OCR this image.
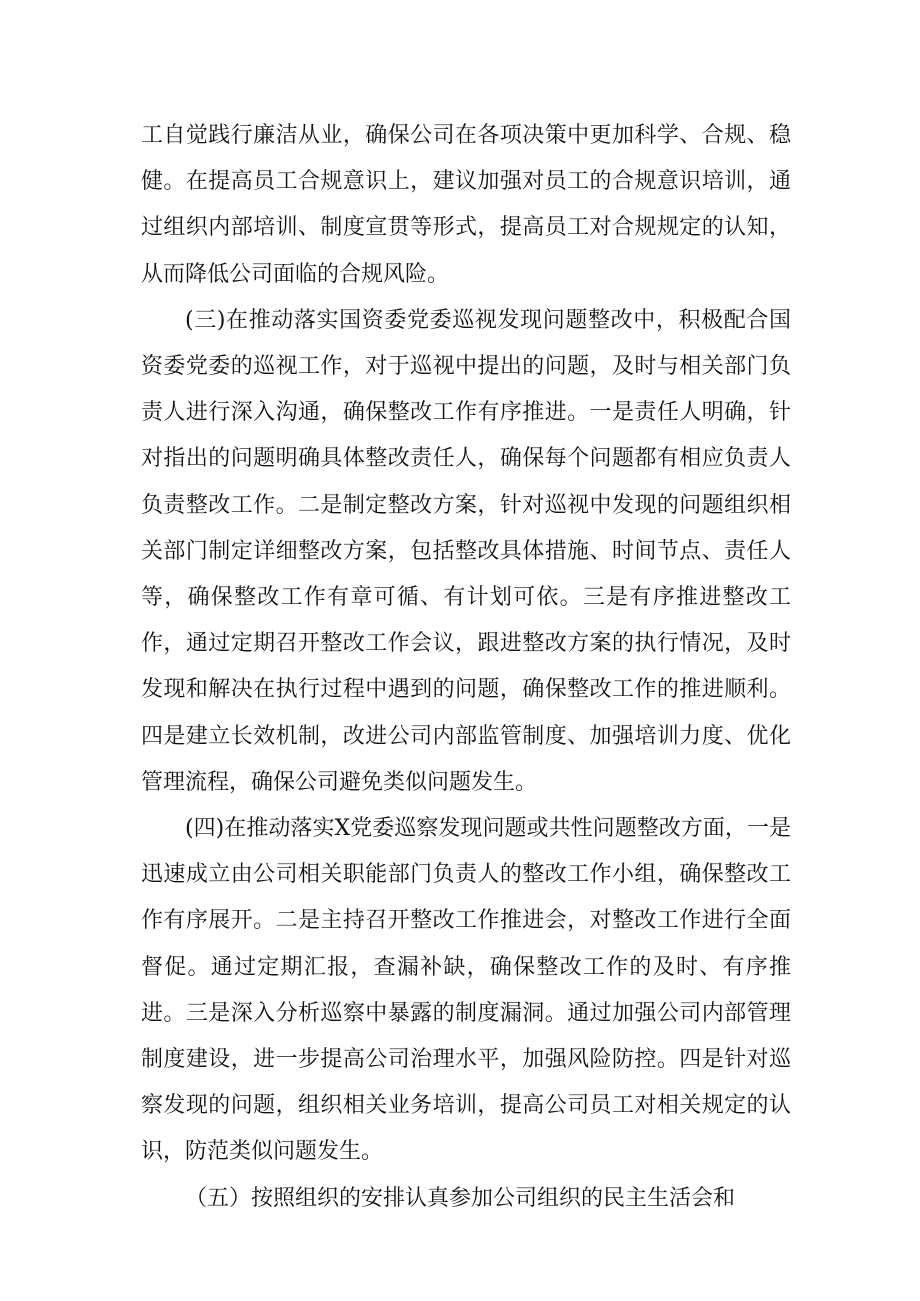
工自觉践行廉洁从业，确保公司在各项决策中更加科学、合规、稳健。在提高员工合规意识上，建议加强对员工的合规意识培训，通过组织内部培训、制度宣贯等形式，提高员工对合规规定的认知，从而降低公司面临的合规风险。

(三)在推动落实国资委党委巡视发现问题整改中，积极配合国资委党委的巡视工作，对于巡视中提出的问题，及时与相关部门负责人进行深入沟通，确保整改工作有序推进。一是责任人明确，针对指出的问题明确具体整改责任人，确保每个问题都有相应负责人负责整改工作。二是制定整改方案，针对巡视中发现的问题组织相关部门制定详细整改方案，包括整改具体措施、时间节点、责任人等，确保整改工作有章可循、有计划可依。三是有序推进整改工作，通过定期召开整改工作会议，跟进整改方案的执行情况，及时发现和解决在执行过程中遇到的问题，确保整改工作的推进顺利。四是建立长效机制，改进公司内部监管制度、加强培训力度、优化管理流程，确保公司避免类似问题发生。

(四)在推动落实X党委巡察发现问题或共性问题整改方面，一是迅速成立由公司相关职能部门负责人的整改工作小组，确保整改工作有序展开。二是主持召开整改工作推进会，对整改工作进行全面督促。通过定期汇报，查漏补缺，确保整改工作的及时、有序推进。三是深入分析巡察中暴露的制度漏洞。通过加强公司内部管理制度建设，进一步提高公司治理水平，加强风险防控。四是针对巡察发现的问题，组织相关业务培训，提高公司员工对相关规定的认识，防范类似问题发生。

（五）按照组织的安排认真参加公司组织的民主生活会和
